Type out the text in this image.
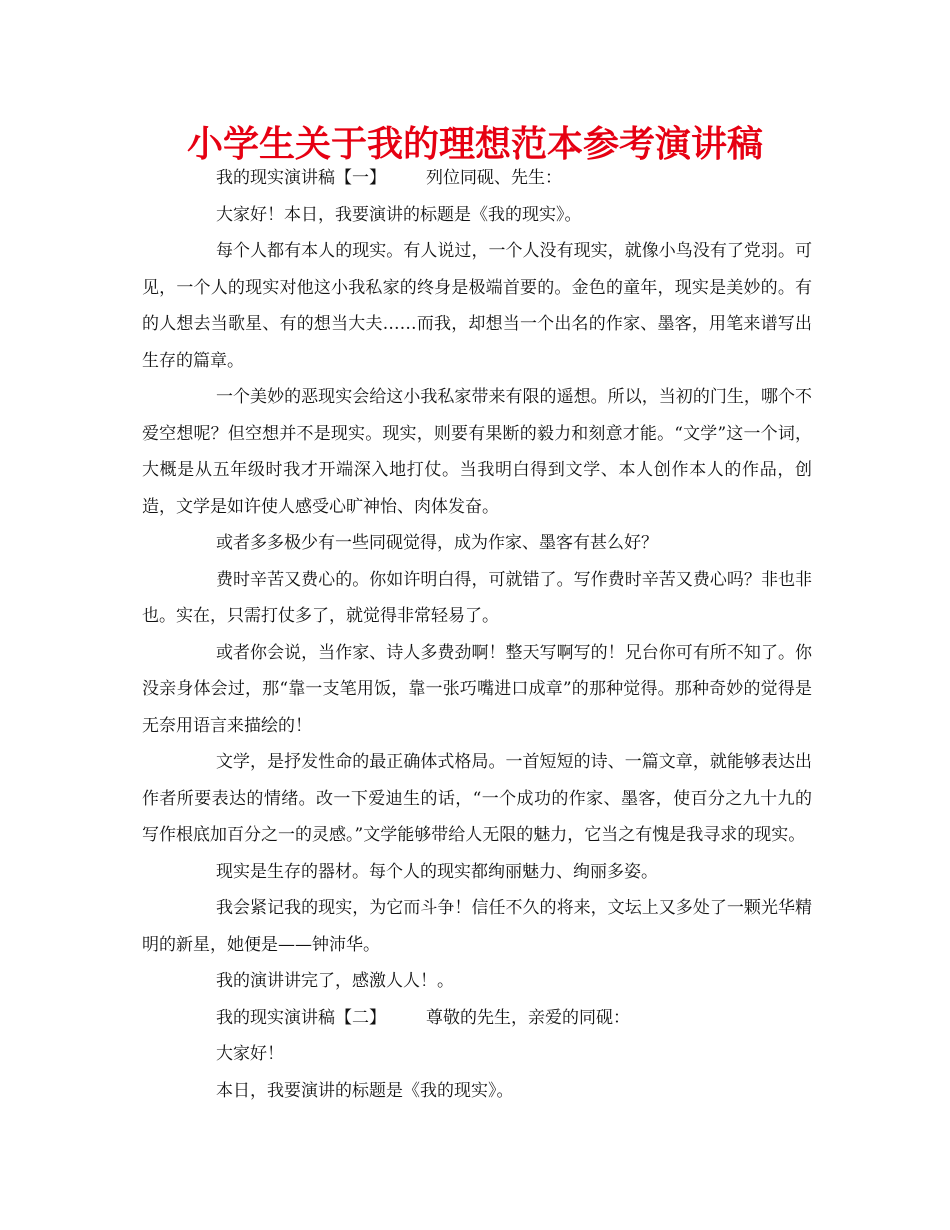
小学生关于我的理想范本参考演讲稿

我的现实演讲稿【一】 列位同砚、先生：

大家好！本日，我要演讲的标题是《我的现实》。

每个人都有本人的现实。有人说过，一个人没有现实，就像小鸟没有了党羽。可见，一个人的现实对他这小我私家的终身是极端首要的。金色的童年，现实是美妙的。有的人想去当歌星、有的想当大夫……而我，却想当一个出名的作家、墨客，用笔来谱写出生存的篇章。

一个美妙的恶现实会给这小我私家带来有限的遥想。所以，当初的门生，哪个不爱空想呢？但空想并不是现实。现实，则要有果断的毅力和刻意才能。“文学”这一个词，大概是从五年级时我才开端深入地打仗。当我明白得到文学、本人创作本人的作品，创造，文学是如许使人感受心旷神怡、肉体发奋。

或者多多极少有一些同砚觉得，成为作家、墨客有甚么好？

费时辛苦又费心的。你如许明白得，可就错了。写作费时辛苦又费心吗？非也非也。实在，只需打仗多了，就觉得非常轻易了。

或者你会说，当作家、诗人多费劲啊！整天写啊写的！兄台你可有所不知了。你没亲身体会过，那“靠一支笔用饭，靠一张巧嘴进口成章”的那种觉得。那种奇妙的觉得是无奈用语言来描绘的！

文学，是抒发性命的最正确体式格局。一首短短的诗、一篇文章，就能够表达出作者所要表达的情绪。改一下爱迪生的话，“一个成功的作家、墨客，使百分之九十九的写作根底加百分之一的灵感。”文学能够带给人无限的魅力，它当之有愧是我寻求的现实。

现实是生存的器材。每个人的现实都绚丽魅力、绚丽多姿。

我会紧记我的现实，为它而斗争！信任不久的将来，文坛上又多处了一颗光华精明的新星，她便是——钟沛华。

我的演讲讲完了，感激人人！。

我的现实演讲稿【二】 尊敬的先生，亲爱的同砚：

大家好！

本日，我要演讲的标题是《我的现实》。
